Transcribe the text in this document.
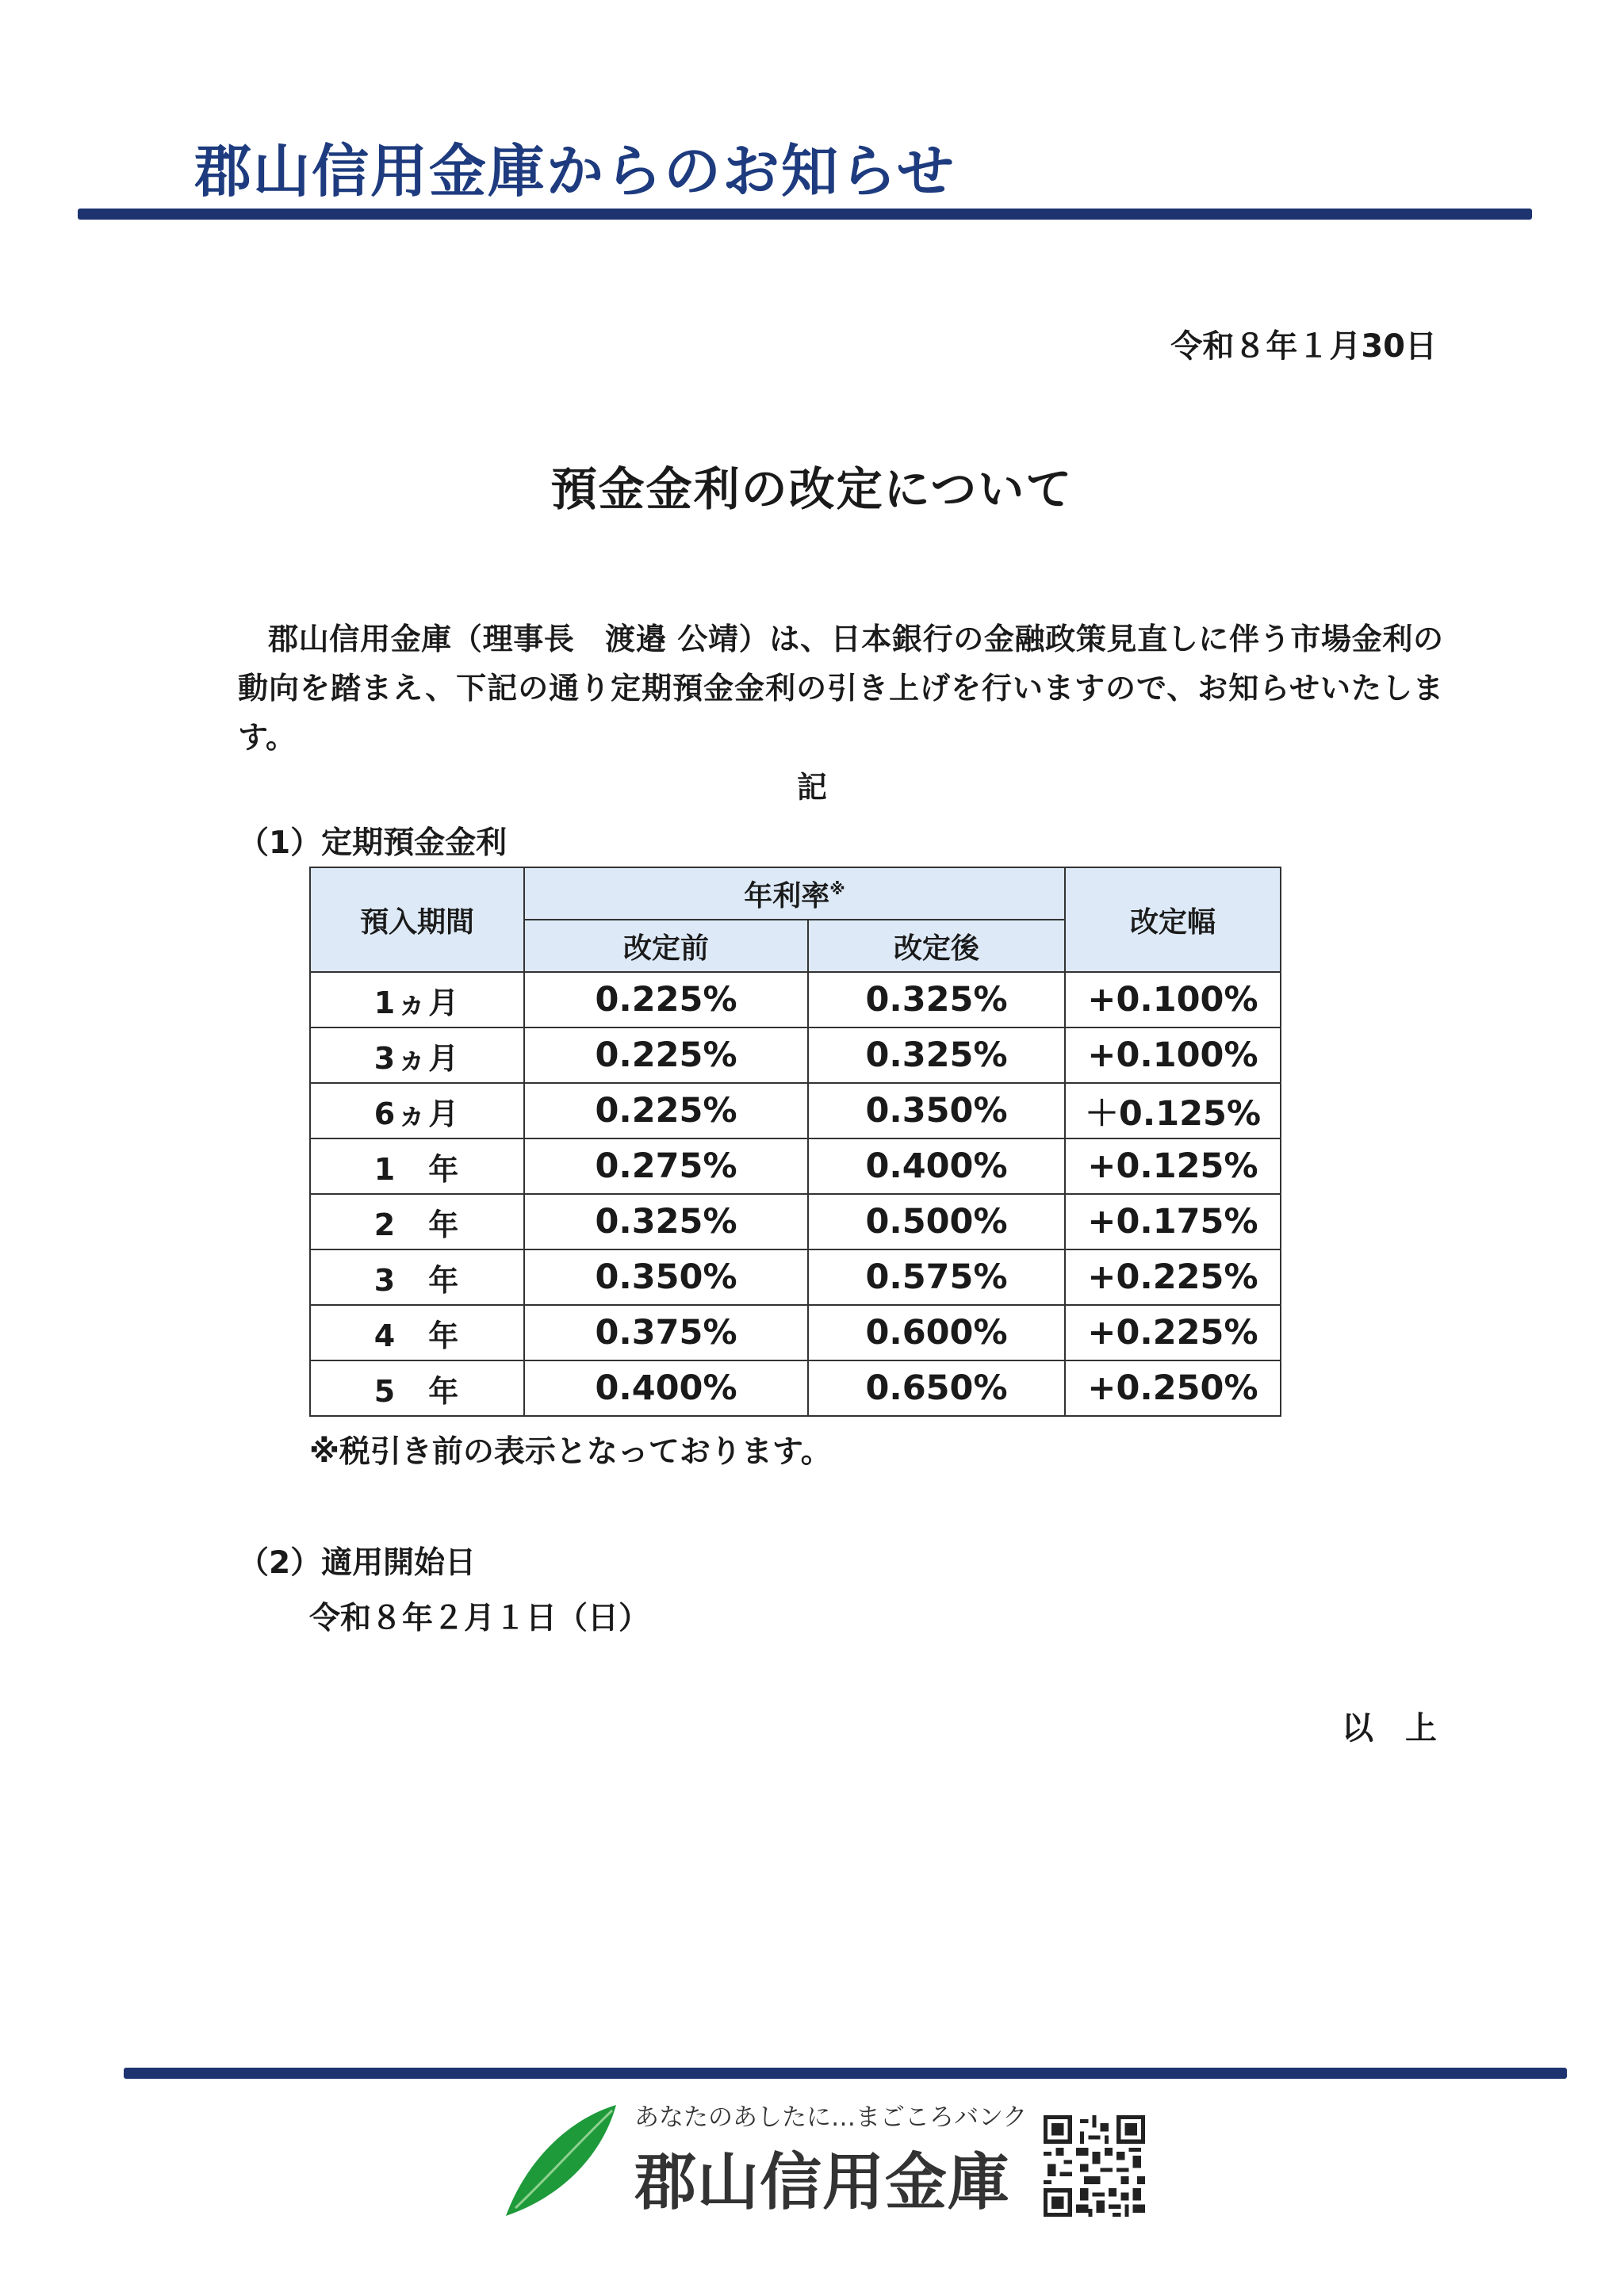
郡山信用金庫からのお知らせ
令和８年１月30日
預金金利の改定について
郡山信用金庫（理事長　渡邉 公靖）は、日本銀行の金融政策見直しに伴う市場金利の動向を踏まえ、下記の通り定期預金金利の引き上げを行いますので、お知らせいたします。
記
（1）定期預金金利
預入期間	年利率※		改定幅
	改定前	改定後	
1ヵ月	0.225%	0.325%	+0.100%
3ヵ月	0.225%	0.325%	+0.100%
6ヵ月	0.225%	0.350%	＋0.125%
1　年	0.275%	0.400%	+0.125%
2　年	0.325%	0.500%	+0.175%
3　年	0.350%	0.575%	+0.225%
4　年	0.375%	0.600%	+0.225%
5　年	0.400%	0.650%	+0.250%
※税引き前の表示となっております。
（2）適用開始日
令和８年２月１日（日）
以　上
あなたのあしたに…まごころバンク
郡山信用金庫
